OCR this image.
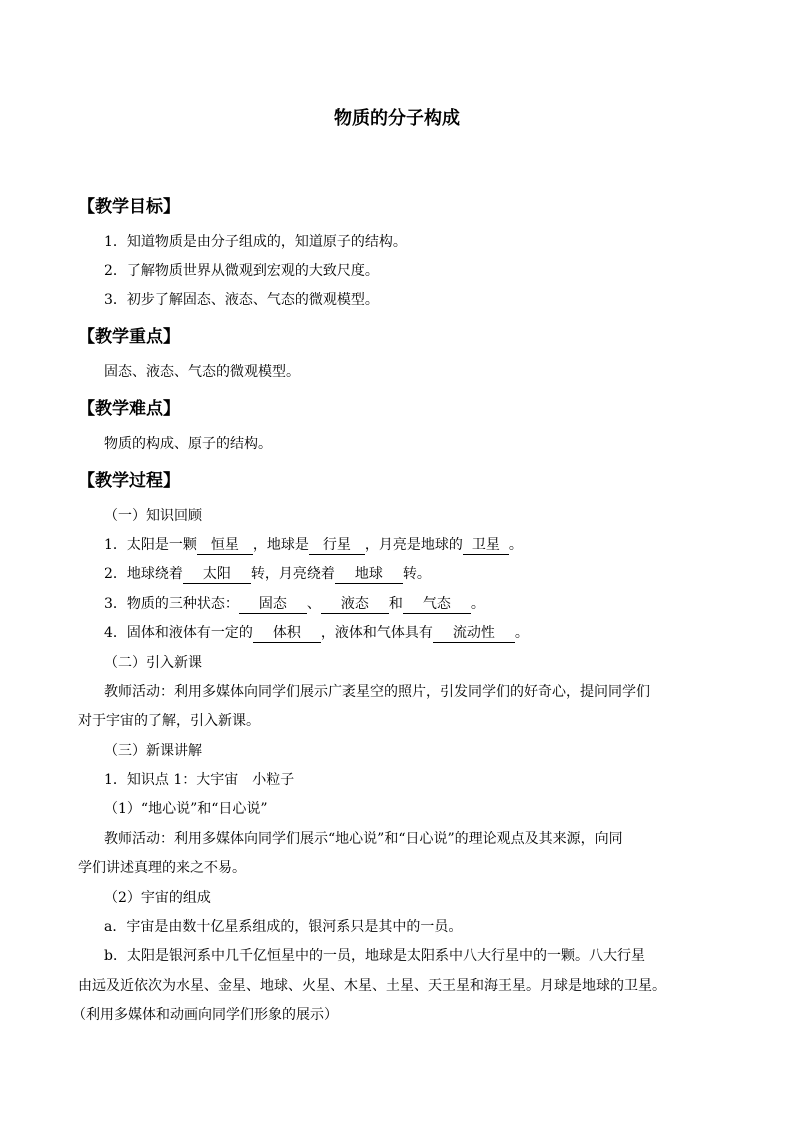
物质的分子构成
【教学目标】
1．知道物质是由分子组成的，知道原子的结构。
2．了解物质世界从微观到宏观的大致尺度。
3．初步了解固态、液态、气态的微观模型。
【教学重点】
固态、液态、气态的微观模型。
【教学难点】
物质的构成、原子的结构。
【教学过程】
（一）知识回顾
1．太阳是一颗 恒星 ，地球是 行星 ，月亮是地球的 卫星 。
2．地球绕着 太阳 转，月亮绕着 地球 转。
3．物质的三种状态： 固态 、 液态 和 气态 。
4．固体和液体有一定的 体积 ，液体和气体具有 流动性 。
（二）引入新课
教师活动：利用多媒体向同学们展示广袤星空的照片，引发同学们的好奇心，提问同学们
对于宇宙的了解，引入新课。
（三）新课讲解
1．知识点 1：大宇宙　小粒子
（1）“地心说”和“日心说”
教师活动：利用多媒体向同学们展示“地心说”和“日心说”的理论观点及其来源，向同
学们讲述真理的来之不易。
（2）宇宙的组成
a．宇宙是由数十亿星系组成的，银河系只是其中的一员。
b．太阳是银河系中几千亿恒星中的一员，地球是太阳系中八大行星中的一颗。八大行星
由远及近依次为水星、金星、地球、火星、木星、土星、天王星和海王星。月球是地球的卫星。
（利用多媒体和动画向同学们形象的展示）
